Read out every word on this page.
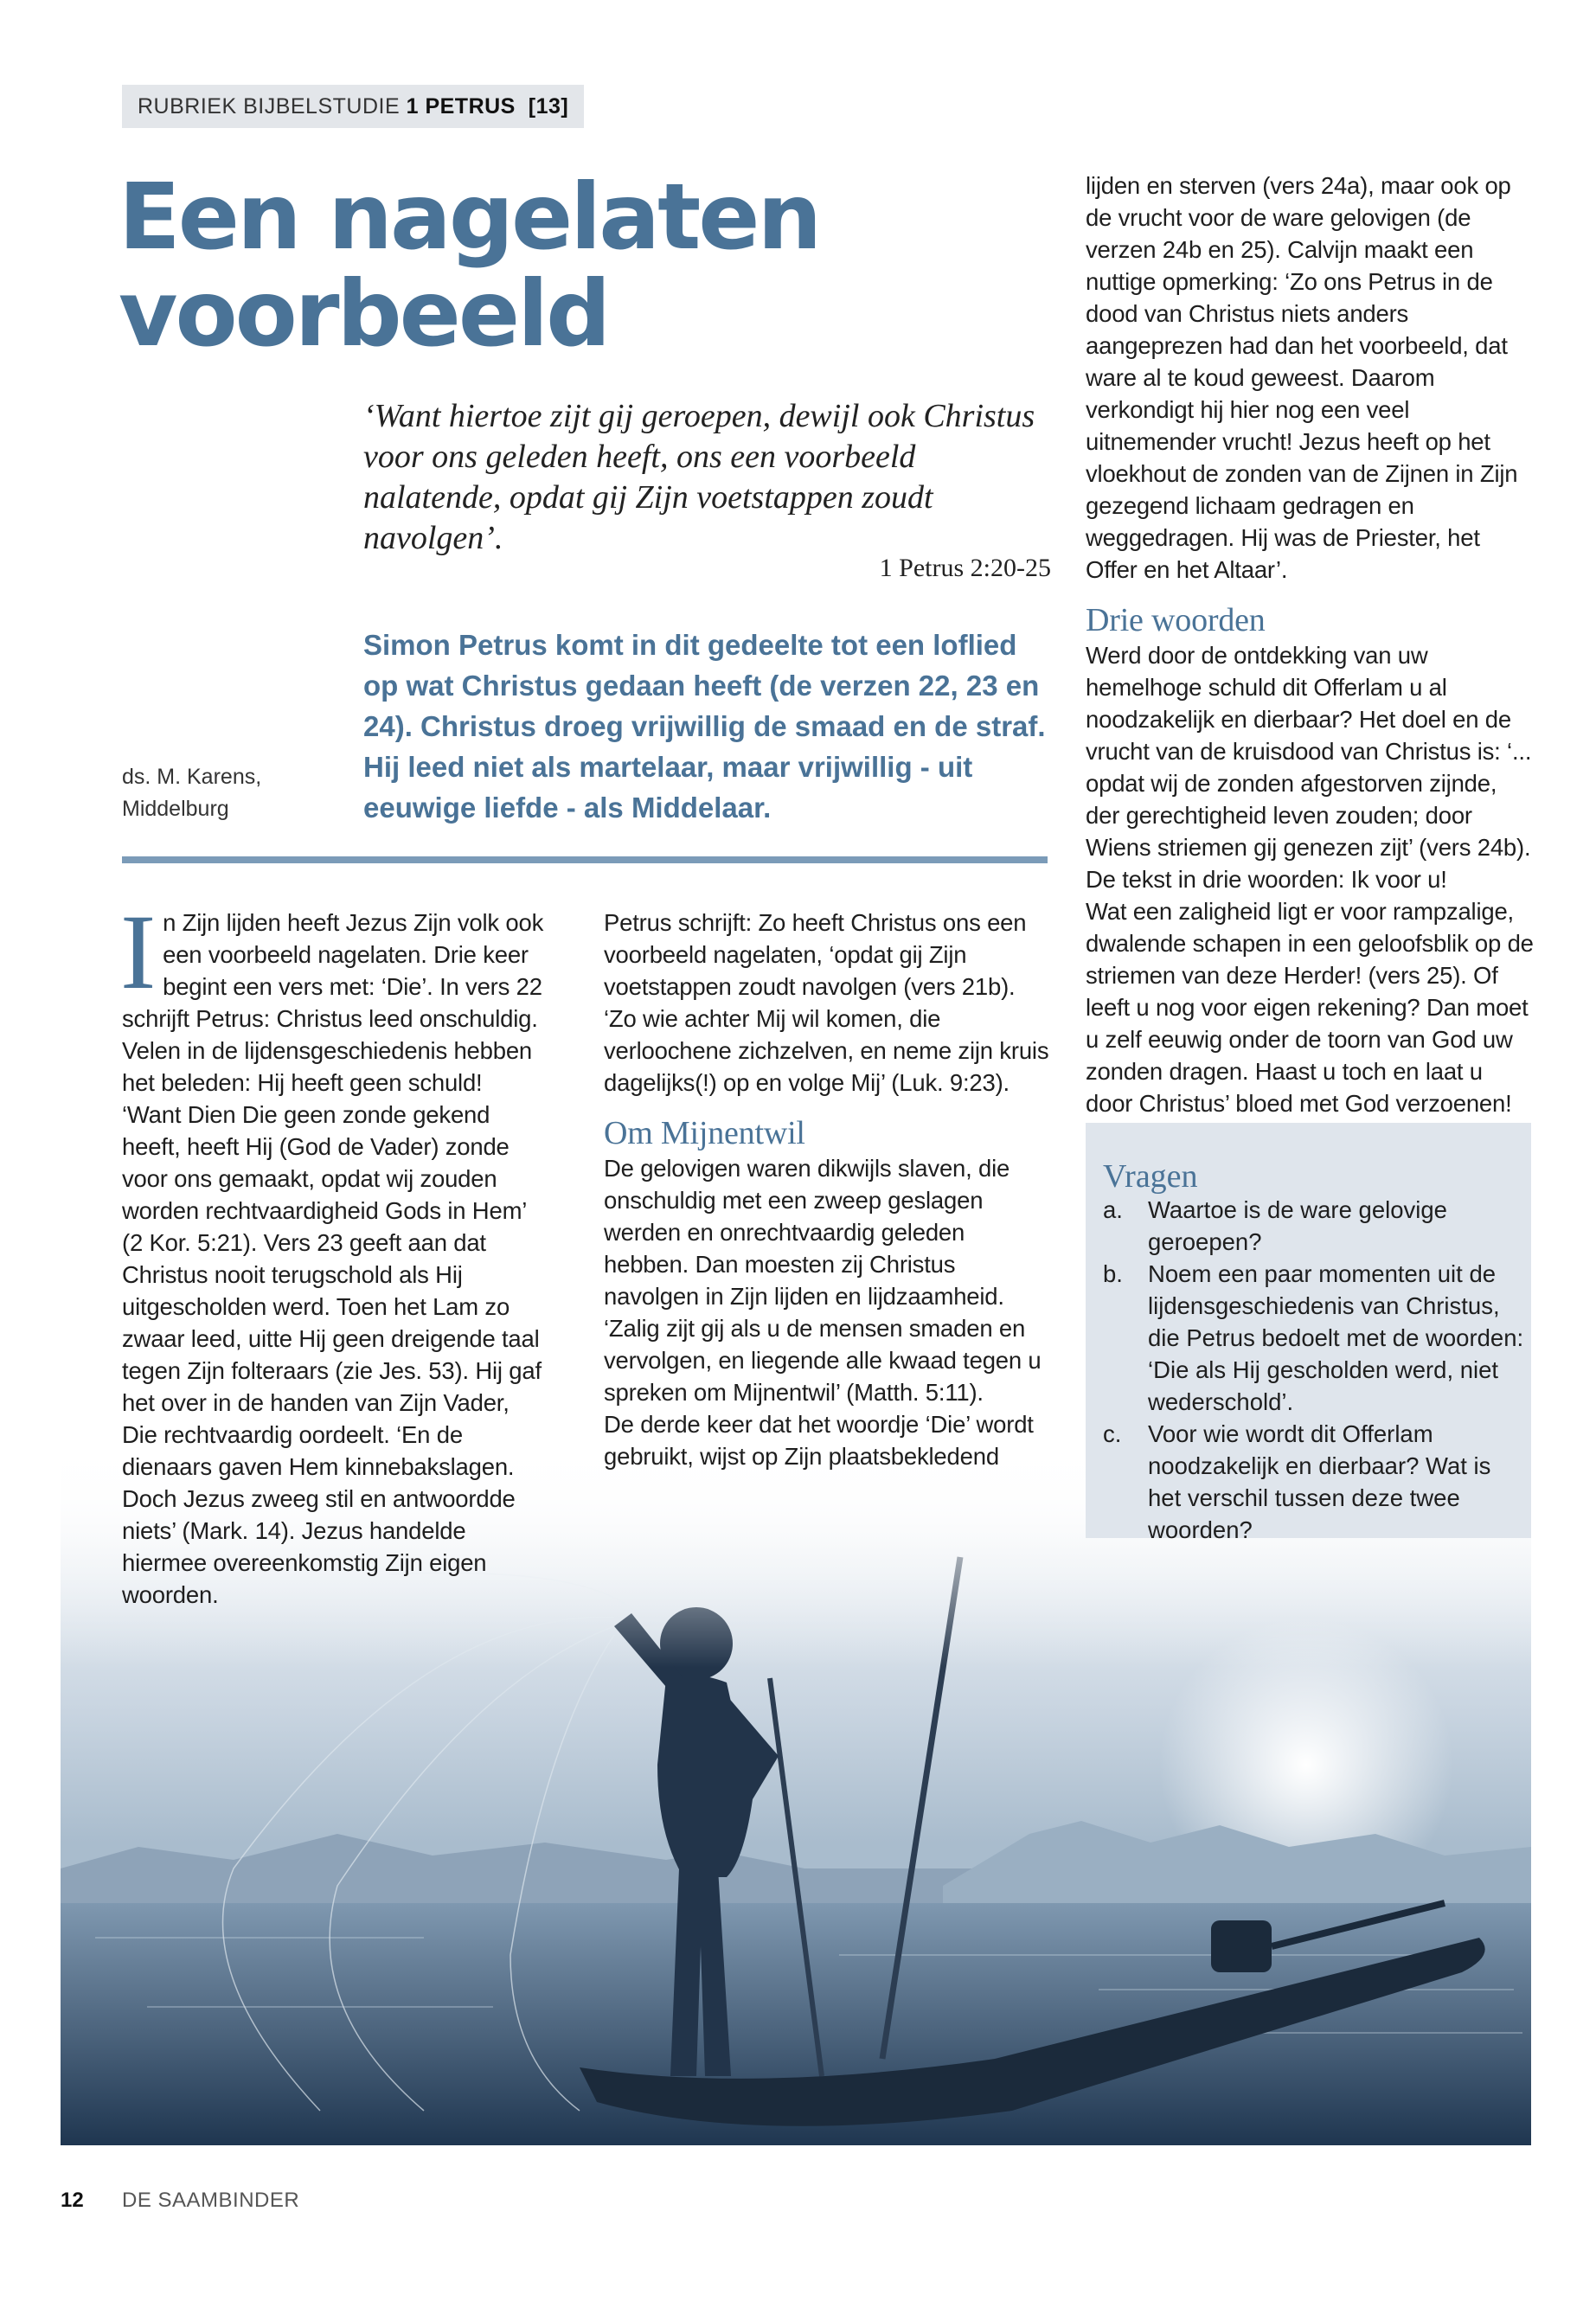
RUBRIEK BIJBELSTUDIE 1 PETRUS [13]
Een nagelaten
voorbeeld
‘Want hiertoe zijt gij geroepen, dewijl ook Christus voor ons geleden heeft, ons een voorbeeld nalatende, opdat gij Zijn voetstappen zoudt navolgen’.
1 Petrus 2:20-25
Simon Petrus komt in dit gedeelte tot een loflied op wat Christus gedaan heeft (de verzen 22, 23 en 24). Christus droeg vrijwillig de smaad en de straf. Hij leed niet als martelaar, maar vrijwillig - uit eeuwige liefde - als Middelaar.
ds. M. Karens,
Middelburg

In Zijn lijden heeft Jezus Zijn volk ook een voorbeeld nagelaten. Drie keer begint een vers met: ‘Die’. In vers 22 schrijft Petrus: Christus leed onschuldig. Velen in de lijdensgeschiedenis hebben het beleden: Hij heeft geen schuld! ‘Want Dien Die geen zonde gekend heeft, heeft Hij (God de Vader) zonde voor ons gemaakt, opdat wij zouden worden rechtvaardigheid Gods in Hem’ (2 Kor. 5:21). Vers 23 geeft aan dat Christus nooit terugschold als Hij uitgescholden werd. Toen het Lam zo zwaar leed, uitte Hij geen dreigende taal tegen Zijn folteraars (zie Jes. 53). Hij gaf het over in de handen van Zijn Vader, Die rechtvaardig oordeelt. ‘En de dienaars gaven Hem kinnebakslagen. Doch Jezus zweeg stil en antwoordde niets’ (Mark. 14). Jezus handelde hiermee overeenkomstig Zijn eigen woorden.

Petrus schrijft: Zo heeft Christus ons een voorbeeld nagelaten, ‘opdat gij Zijn voetstappen zoudt navolgen (vers 21b). ‘Zo wie achter Mij wil komen, die verloochene zichzelven, en neme zijn kruis dagelijks(!) op en volge Mij’ (Luk. 9:23).

Om Mijnentwil

De gelovigen waren dikwijls slaven, die onschuldig met een zweep geslagen werden en onrechtvaardig geleden hebben. Dan moesten zij Christus navolgen in Zijn lijden en lijdzaamheid. ‘Zalig zijt gij als u de mensen smaden en vervolgen, en liegende alle kwaad tegen u spreken om Mijnentwil’ (Matth. 5:11).

De derde keer dat het woordje ‘Die’ wordt gebruikt, wijst op Zijn plaatsbekledend

lijden en sterven (vers 24a), maar ook op de vrucht voor de ware gelovigen (de verzen 24b en 25). Calvijn maakt een nuttige opmerking: ‘Zo ons Petrus in de dood van Christus niets anders aangeprezen had dan het voorbeeld, dat ware al te koud geweest. Daarom verkondigt hij hier nog een veel uitnemender vrucht! Jezus heeft op het vloekhout de zonden van de Zijnen in Zijn gezegend lichaam gedragen en weggedragen. Hij was de Priester, het Offer en het Altaar’.

Drie woorden

Werd door de ontdekking van uw hemelhoge schuld dit Offerlam u al noodzakelijk en dierbaar? Het doel en de vrucht van de kruisdood van Christus is: ‘... opdat wij de zonden afgestorven zijnde, der gerechtigheid leven zouden; door Wiens striemen gij genezen zijt’ (vers 24b).

De tekst in drie woorden: Ik voor u!

Wat een zaligheid ligt er voor rampzalige, dwalende schapen in een geloofsblik op de striemen van deze Herder! (vers 25). Of leeft u nog voor eigen rekening? Dan moet u zelf eeuwig onder de toorn van God uw zonden dragen. Haast u toch en laat u door Christus’ bloed met God verzoenen!

Vragen
a. Waartoe is de ware gelovige geroepen?
b. Noem een paar momenten uit de lijdensgeschiedenis van Christus, die Petrus bedoelt met de woorden: ‘Die als Hij gescholden werd, niet wederschold’.
c. Voor wie wordt dit Offerlam noodzakelijk en dierbaar? Wat is het verschil tussen deze twee woorden?
12 DE SAAMBINDER
